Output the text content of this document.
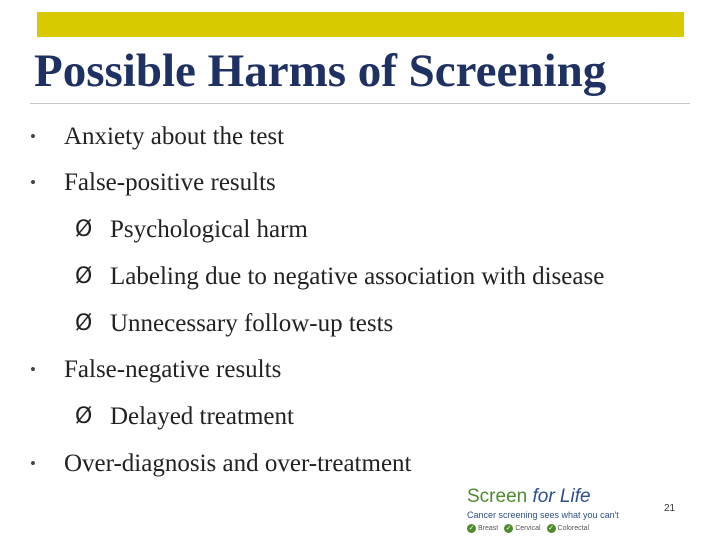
Possible Harms of Screening
• Anxiety about the test
• False-positive results
Ø Psychological harm
Ø Labeling due to negative association with disease
Ø Unnecessary follow-up tests
• False-negative results
Ø Delayed treatment
• Over-diagnosis and over-treatment
Screen for Life
Cancer screening sees what you can't
✓ Breast ✓ Cervical ✓ Colorectal
21
